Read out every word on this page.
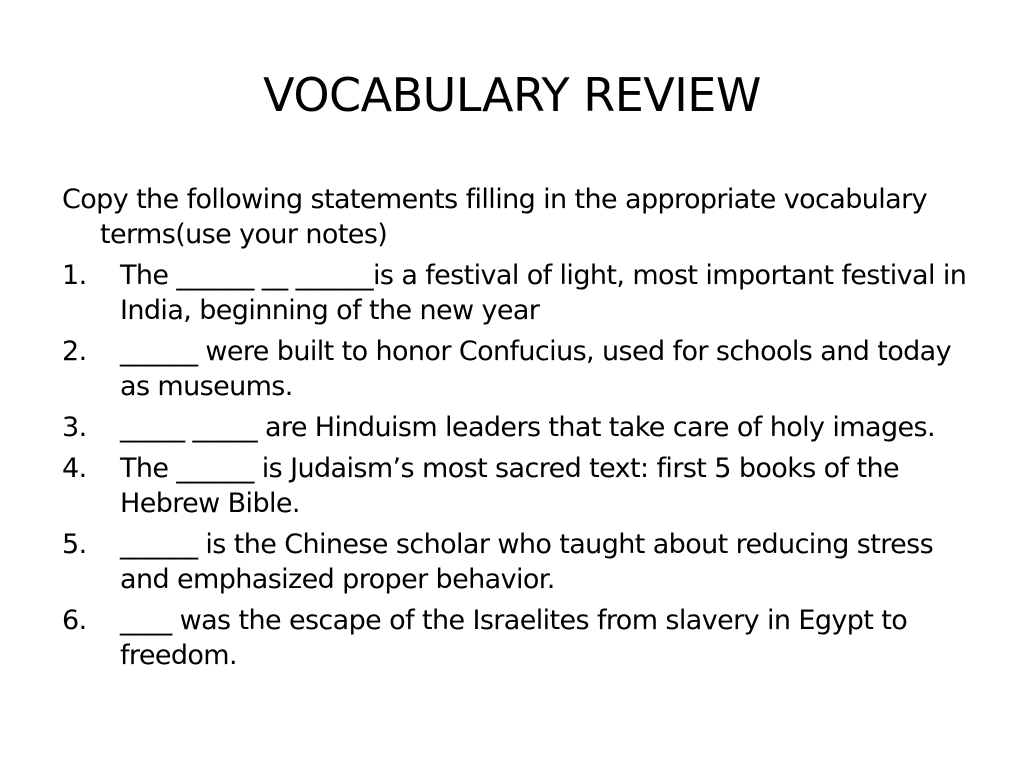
VOCABULARY REVIEW

Copy the following statements filling in the appropriate vocabulary terms(use your notes)

1. The ______ __ ______is a festival of light, most important festival in India, beginning of the new year
2. ______ were built to honor Confucius, used for schools and today as museums.
3. _____ _____ are Hinduism leaders that take care of holy images.
4. The ______ is Judaism’s most sacred text: first 5 books of the Hebrew Bible.
5. ______ is the Chinese scholar who taught about reducing stress and emphasized proper behavior.
6. ____ was the escape of the Israelites from slavery in Egypt to freedom.
